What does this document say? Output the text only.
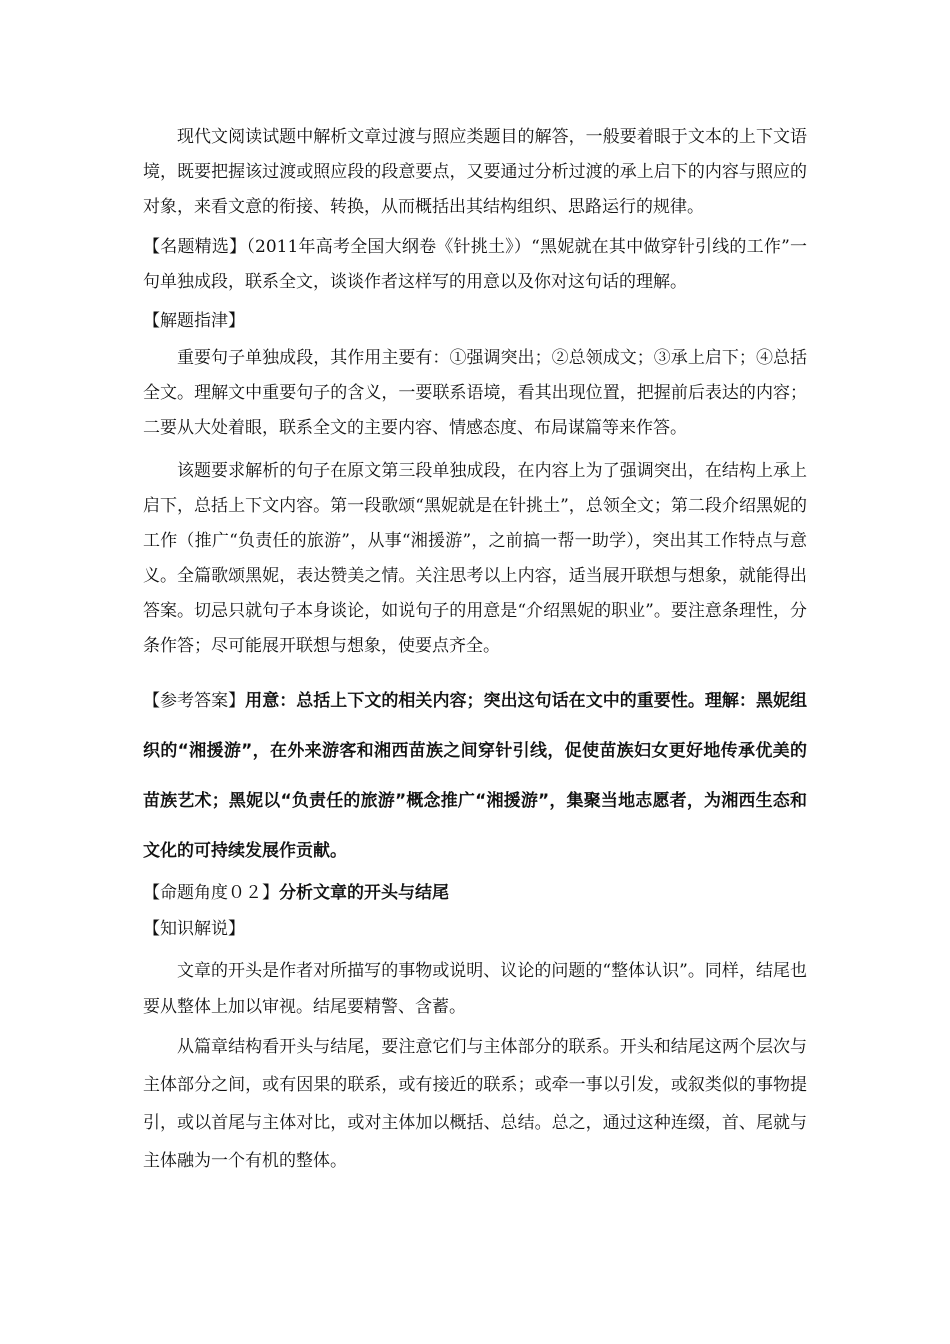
现代文阅读试题中解析文章过渡与照应类题目的解答，一般要着眼于文本的上下文语境，既要把握该过渡或照应段的段意要点，又要通过分析过渡的承上启下的内容与照应的对象，来看文意的衔接、转换，从而概括出其结构组织、思路运行的规律。

【名题精选】（2011年高考全国大纲卷《针挑土》）“黑妮就在其中做穿针引线的工作”一句单独成段，联系全文，谈谈作者这样写的用意以及你对这句话的理解。

【解题指津】

重要句子单独成段，其作用主要有：①强调突出；②总领成文；③承上启下；④总括全文。理解文中重要句子的含义，一要联系语境，看其出现位置，把握前后表达的内容；二要从大处着眼，联系全文的主要内容、情感态度、布局谋篇等来作答。

该题要求解析的句子在原文第三段单独成段，在内容上为了强调突出，在结构上承上启下，总括上下文内容。第一段歌颂“黑妮就是在针挑土”，总领全文；第二段介绍黑妮的工作（推广“负责任的旅游”，从事“湘援游”，之前搞一帮一助学），突出其工作特点与意义。全篇歌颂黑妮，表达赞美之情。关注思考以上内容，适当展开联想与想象，就能得出答案。切忌只就句子本身谈论，如说句子的用意是“介绍黑妮的职业”。要注意条理性，分条作答；尽可能展开联想与想象，使要点齐全。

【参考答案】用意：总括上下文的相关内容；突出这句话在文中的重要性。理解：黑妮组织的“湘援游”，在外来游客和湘西苗族之间穿针引线，促使苗族妇女更好地传承优美的苗族艺术；黑妮以“负责任的旅游”概念推广“湘援游”，集聚当地志愿者，为湘西生态和文化的可持续发展作贡献。

【命题角度０２】分析文章的开头与结尾

【知识解说】

文章的开头是作者对所描写的事物或说明、议论的问题的“整体认识”。同样，结尾也要从整体上加以审视。结尾要精警、含蓄。

从篇章结构看开头与结尾，要注意它们与主体部分的联系。开头和结尾这两个层次与主体部分之间，或有因果的联系，或有接近的联系；或牵一事以引发，或叙类似的事物提引，或以首尾与主体对比，或对主体加以概括、总结。总之，通过这种连缀，首、尾就与主体融为一个有机的整体。
